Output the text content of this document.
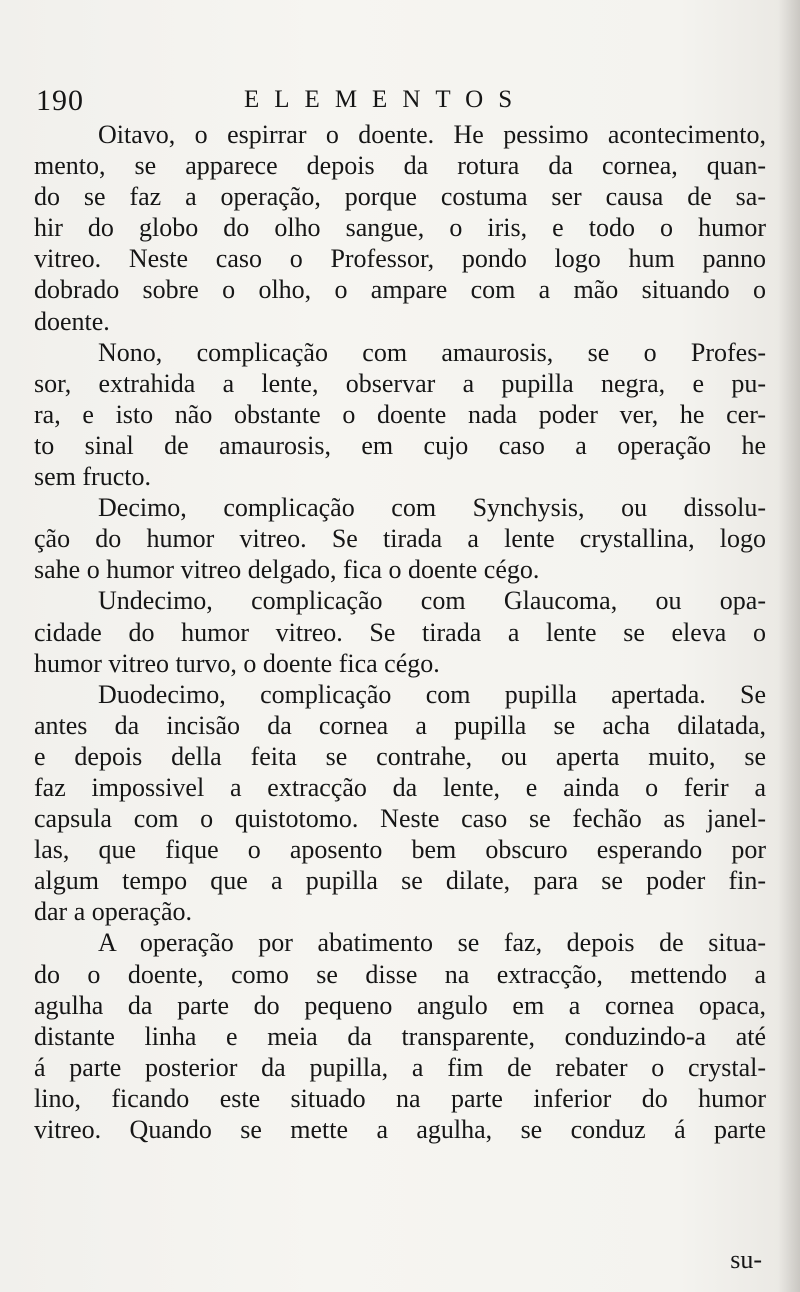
190	ELEMENTOS
Oitavo, o espirrar o doente. He pessimo acontecimento,
mento, se apparece depois da rotura da cornea, quan-
do se faz a operação, porque costuma ser causa de sa-
hir do globo do olho sangue, o iris, e todo o humor
vitreo. Neste caso o Professor, pondo logo hum panno
dobrado sobre o olho, o ampare com a mão situando o
doente.
Nono, complicação com amaurosis, se o Profes-
sor, extrahida a lente, observar a pupilla negra, e pu-
ra, e isto não obstante o doente nada poder ver, he cer-
to sinal de amaurosis, em cujo caso a operação he
sem fructo.
Decimo, complicação com Synchysis, ou dissolu-
ção do humor vitreo. Se tirada a lente crystallina, logo
sahe o humor vitreo delgado, fica o doente cégo.
Undecimo, complicação com Glaucoma, ou opa-
cidade do humor vitreo. Se tirada a lente se eleva o
humor vitreo turvo, o doente fica cégo.
Duodecimo, complicação com pupilla apertada. Se
antes da incisão da cornea a pupilla se acha dilatada,
e depois della feita se contrahe, ou aperta muito, se
faz impossivel a extracção da lente, e ainda o ferir a
capsula com o quistotomo. Neste caso se fechão as janel-
las, que fique o aposento bem obscuro esperando por
algum tempo que a pupilla se dilate, para se poder fin-
dar a operação.
A operação por abatimento se faz, depois de situa-
do o doente, como se disse na extracção, mettendo a
agulha da parte do pequeno angulo em a cornea opaca,
distante linha e meia da transparente, conduzindo-a até
á parte posterior da pupilla, a fim de rebater o crystal-
lino, ficando este situado na parte inferior do humor
vitreo. Quando se mette a agulha, se conduz á parte
su-
